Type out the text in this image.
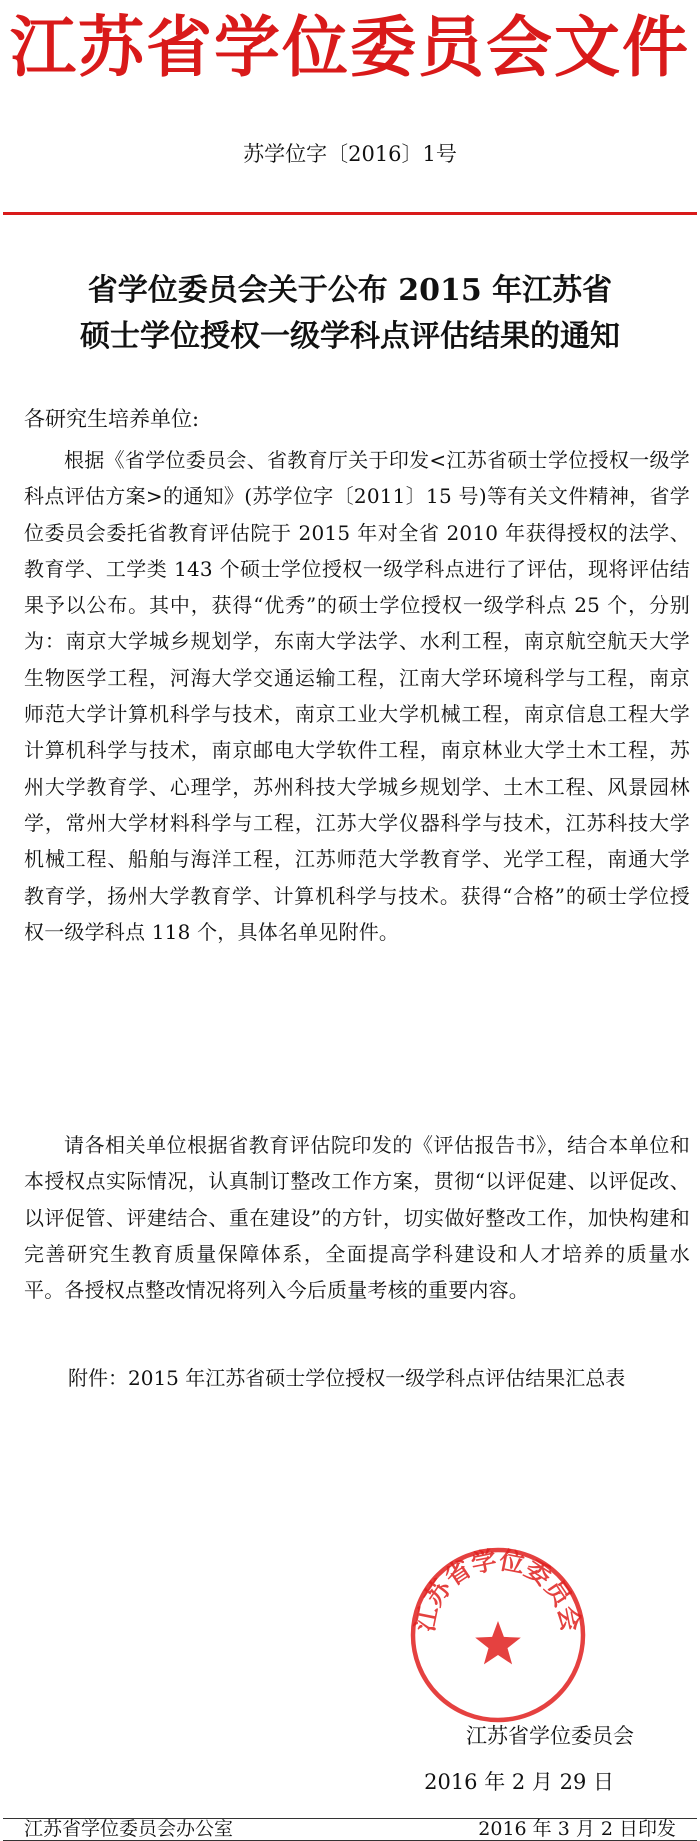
江苏省学位委员会文件
苏学位字〔2016〕1号
省学位委员会关于公布 2015 年江苏省
硕士学位授权一级学科点评估结果的通知
各研究生培养单位:
根据《省学位委员会、省教育厅关于印发<江苏省硕士学位授权一级学科点评估方案>的通知》(苏学位字〔2011〕15 号)等有关文件精神，省学位委员会委托省教育评估院于 2015 年对全省 2010 年获得授权的法学、教育学、工学类 143 个硕士学位授权一级学科点进行了评估，现将评估结果予以公布。其中，获得“优秀”的硕士学位授权一级学科点 25 个，分别为：南京大学城乡规划学，东南大学法学、水利工程，南京航空航天大学生物医学工程，河海大学交通运输工程，江南大学环境科学与工程，南京师范大学计算机科学与技术，南京工业大学机械工程，南京信息工程大学计算机科学与技术，南京邮电大学软件工程，南京林业大学土木工程，苏州大学教育学、心理学，苏州科技大学城乡规划学、土木工程、风景园林学，常州大学材料科学与工程，江苏大学仪器科学与技术，江苏科技大学机械工程、船舶与海洋工程，江苏师范大学教育学、光学工程，南通大学教育学，扬州大学教育学、计算机科学与技术。获得“合格”的硕士学位授权一级学科点 118 个，具体名单见附件。
请各相关单位根据省教育评估院印发的《评估报告书》，结合本单位和本授权点实际情况，认真制订整改工作方案，贯彻“以评促建、以评促改、以评促管、评建结合、重在建设”的方针，切实做好整改工作，加快构建和完善研究生教育质量保障体系，全面提高学科建设和人才培养的质量水平。各授权点整改情况将列入今后质量考核的重要内容。
附件：2015 年江苏省硕士学位授权一级学科点评估结果汇总表
江苏省学位委员会
江苏省学位委员会
2016 年 2 月 29 日
江苏省学位委员会办公室	2016 年 3 月 2 日印发
